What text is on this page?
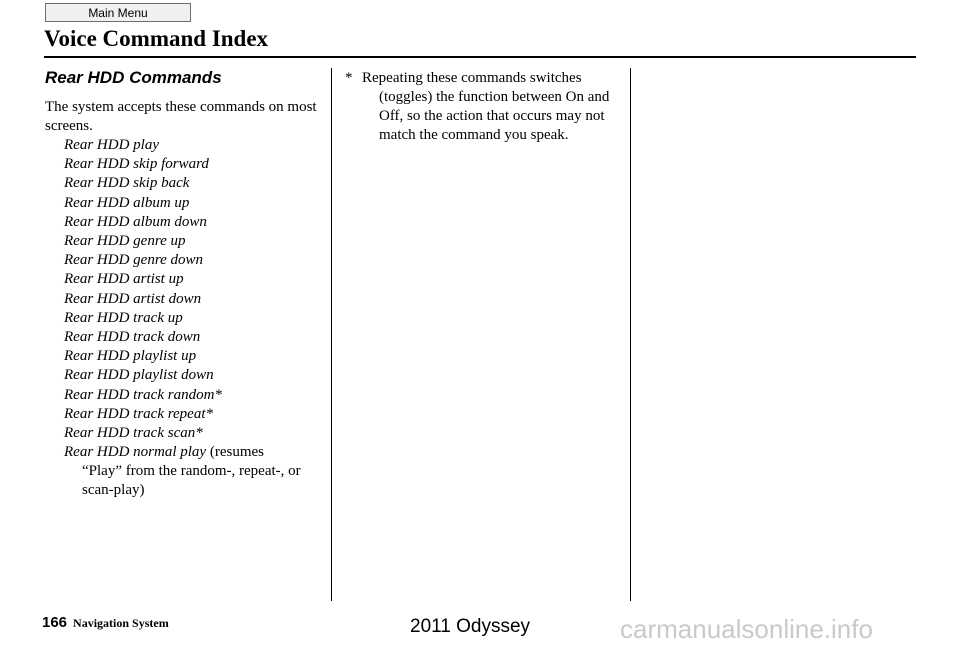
Main Menu
Voice Command Index
Rear HDD Commands

The system accepts these commands on most screens.

Rear HDD play
Rear HDD skip forward
Rear HDD skip back
Rear HDD album up
Rear HDD album down
Rear HDD genre up
Rear HDD genre down
Rear HDD artist up
Rear HDD artist down
Rear HDD track up
Rear HDD track down
Rear HDD playlist up
Rear HDD playlist down
Rear HDD track random*
Rear HDD track repeat*
Rear HDD track scan*
Rear HDD normal play (resumes

“Play” from the random-, repeat-, or scan-play)

* Repeating these commands switches
(toggles) the function between On and Off, so the action that occurs may not match the command you speak.
166 Navigation System	2011 Odyssey	carmanualsonline.info
